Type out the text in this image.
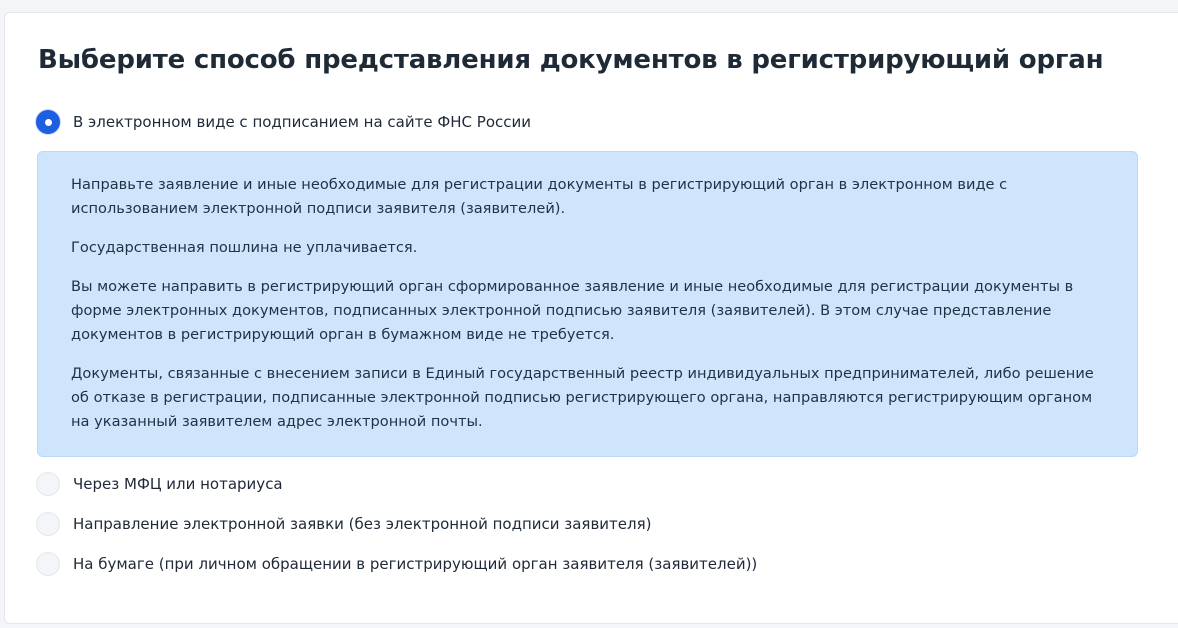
Выберите способ представления документов в регистрирующий орган
В электронном виде с подписанием на сайте ФНС России

Направьте заявление и иные необходимые для регистрации документы в регистрирующий орган в электронном виде с использованием электронной подписи заявителя (заявителей).

Государственная пошлина не уплачивается.

Вы можете направить в регистрирующий орган сформированное заявление и иные необходимые для регистрации документы в форме электронных документов, подписанных электронной подписью заявителя (заявителей). В этом случае представление документов в регистрирующий орган в бумажном виде не требуется.

Документы, связанные с внесением записи в Единый государственный реестр индивидуальных предпринимателей, либо решение об отказе в регистрации, подписанные электронной подписью регистрирующего органа, направляются регистрирующим органом на указанный заявителем адрес электронной почты.

Через МФЦ или нотариуса
Направление электронной заявки (без электронной подписи заявителя)
На бумаге (при личном обращении в регистрирующий орган заявителя (заявителей))
